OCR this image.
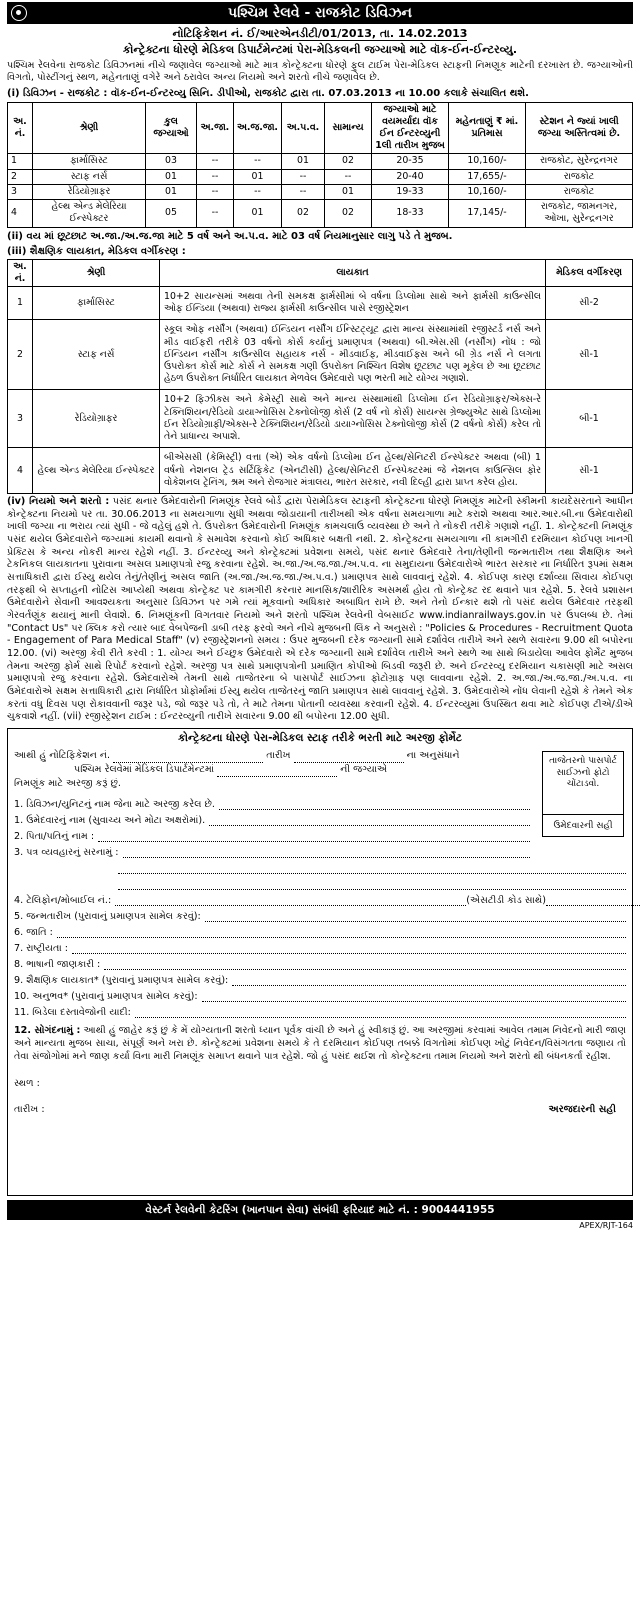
પશ્ચિમ રેલવે - રાજકોટ ડિવિઝન
નોટિફિકેશન નં. ઈ/આરએનડીટી/01/2013, તા. 14.02.2013
કોન્ટ્રેક્ટના ધોરણે મેડિકલ ડિપાર્ટમેન્ટમાં પેરા-મેડિકલની જગ્યાઓ માટે વૉક-ઈન-ઈન્ટરવ્યુ.
પશ્ચિમ રેલવેના રાજકોટ ડિવિઝનમાં નીચે જણાવેલ જગ્યાઓ માટે માત્ર કોન્ટ્રેક્ટના ધોરણે ફુલ ટાઈમ પેરા-મેડિકલ સ્ટાફની નિમણૂક માટેની દરખાસ્ત છે. જગ્યાઓની વિગતો, પોસ્ટીંગનું સ્થળ, મહેનતાણું વગેરે અને ઠરાવેલ અન્ય નિયમો અને શરતો નીચે જણાવેલ છે.
(i) ડિવિઝન - રાજકોટ : વૉક-ઈન-ઈન્ટરવ્યુ સિનિ. ડીપીઓ, રાજકોટ દ્વારા તા. 07.03.2013 ના 10.00 કલાકે સંચાલિત થશે.
અ. નં.	શ્રેણી	કુલ જગ્યાઓ	અ.જા.	અ.જ.જા.	અ.પ.વ.	સામાન્ય	જગ્યાઓ માટે વયમર્યાદા વૉક ઈન ઈન્ટરવ્યુની 1લી તારીખ મુજબ	મહેનતાણું ₹ માં. પ્રતિમાસ	સ્ટેશન ને જ્યાં ખાલી જગ્યા અસ્તિત્વમાં છે.
1	ફાર્માસિસ્ટ	03	--	--	01	02	20-35	10,160/-	રાજકોટ, સુરેન્દ્રનગર
2	સ્ટાફ નર્સ	01	--	01	--	--	20-40	17,655/-	રાજકોટ
3	રેડિયોગ્રાફર	01	--	--	--	01	19-33	10,160/-	રાજકોટ
4	હેલ્થ એન્ડ મેલેરિયા ઈન્સ્પેક્ટર	05	--	01	02	02	18-33	17,145/-	રાજકોટ, જામનગર, ઓખા, સુરેન્દ્રનગર
(ii) વય માં છૂટછાટ અ.જા./અ.જ.જા માટે 5 વર્ષ અને અ.પ.વ. માટે 03 વર્ષ નિયમાનુસાર લાગુ પડે તે મુજબ.
(iii) શૈક્ષણિક લાયકાત, મેડિકલ વર્ગીકરણ :
અ. નં.	શ્રેણી	લાયકાત	મેડિકલ વર્ગીકરણ
1	ફાર્માસિસ્ટ	10+2 સાયન્સમાં અથવા તેની સમકક્ષ ફાર્મસીમાં બે વર્ષના ડિપ્લોમા સાથે અને ફાર્મસી કાઉન્સીલ ઓફ ઈન્ડિયા (અથવા) રાજ્ય ફાર્મસી કાઉન્સીલ પાસે રજીસ્ટ્રેશન	સી-2
2	સ્ટાફ નર્સ	સ્કૂલ ઓફ નર્સીંગ (અથવા) ઈન્ડિયન નર્સીંગ ઈન્સ્ટિટ્યૂટ દ્વારા માન્ય સંસ્થામાંથી રજીસ્ટર્ડ નર્સ અને મીડ વાઈફરી તરીકે 03 વર્ષનો કોર્સ કર્યાનું પ્રમાણપત્ર (અથવા) બી.એસ.સી (નર્સીંગ) નોંધ : જો ઈન્ડિયન નર્સીંગ કાઉન્સીલ સહાયક નર્સ - મીડવાઈફ, મીડવાઈફ્સ અને બી ગ્રેડ નર્સ ને લગતા ઉપરોક્ત કોર્સ માટે કોર્સ ને સમકક્ષ ગણી ઉપરોક્ત નિશ્ચિત વિશેષ છૂટછાટ પણ મૂકેલ છે આ છૂટછાટ હેઠળ ઉપરોક્ત નિર્ધારિત લાયકાત મેળવેલ ઉમેદવારો પણ ભરતી માટે યોગ્ય ગણાશે.	સી-1
3	રેડિયોગ્રાફર	10+2 ફિઝીક્સ અને કેમેસ્ટ્રી સાથે અને માન્ય સંસ્થામાંથી ડિપ્લોમા ઈન રેડિયોગ્રાફર/એક્સ-રે ટેક્નિશિયન/રેડિયો ડાયાગ્નોસિસ ટેક્નોલોજી કોર્સ (2 વર્ષ નો કોર્સ) સાયન્સ ગ્રેજ્યુએટ સાથે ડિપ્લોમા ઈન રેડિયોગ્રાફી/એક્સ-રે ટેક્નિશિયન/રેડિયો ડાયાગ્નોસિસ ટેક્નોલોજી કોર્સ (2 વર્ષનો કોર્સ) કરેલ તો તેને પ્રાધાન્ય અપાશે.	બી-1
4	હેલ્થ એન્ડ મેલેરિયા ઈન્સ્પેક્ટર	બીએસસી (કેમિસ્ટ્રી) વત્તા (એ) એક વર્ષનો ડિપ્લોમા ઈન હેલ્થ/સેનિટરી ઈન્સ્પેક્ટર અથવા (બી) 1 વર્ષનો નેશનલ ટ્રેડ સર્ટિફિકેટ (એનટીસી) હેલ્થ/સેનિટરી ઈન્સ્પેક્ટરમાં જે નેશનલ કાઉન્સિલ ફોર વોકેશનલ ટ્રેનિંગ, શ્રમ અને રોજગાર મંત્રાલય, ભારત સરકાર, નવી દિલ્હી દ્વારા પ્રાપ્ત કરેલ હોય.	સી-1
(iv) નિયમો અને શરતો : પસંદ થનાર ઉમેદવારોની નિમણૂંક રેલવે બોર્ડ દ્વારા પેરામેડિકલ સ્ટાફની કોન્ટ્રેક્ટના ધોરણે નિમણૂંક માટેની સ્કીમની કાયદેસરતાને આધીન કોન્ટ્રેક્ટના નિયમો પર તા. 30.06.2013 ના સમયગાળા સુધી અથવા જોડાયાની તારીખથી એક વર્ષના સમયગાળા માટે કરાશે અથવા આર.આર.બી.ના ઉમેદવારોથી ખાલી જગ્યા ના ભરાય ત્યાં સુધી - જે વહેલું હશે તે. ઉપરોક્ત ઉમેદવારોની નિમણૂંક કામચલાઉ વ્યવસ્થા છે અને તે નોકરી તરીકે ગણાશે નહીં. 1. કોન્ટ્રેક્ટની નિમણૂંક પસંદ થયેલ ઉમેદવારોને જગ્યામાં કાયમી થવાનો કે સમાવેશ કરવાનો કોઈ અધિકાર બક્ષતી નથી. 2. કોન્ટ્રેક્ટના સમયગાળા ની કામગીરી દરમિયાન કોઈપણ ખાનગી પ્રેક્ટિસ કે અન્ય નોકરી માન્ય રહેશે નહીં. 3. ઈન્ટરવ્યુ અને કોન્ટ્રેક્ટમાં પ્રવેશના સમયે, પસંદ થનાર ઉમેદવારે તેના/તેણીની જન્મતારીખ તથા શૈક્ષણિક અને ટેકનિકલ લાયકાતના પુરાવાના અસલ પ્રમાણપત્રો રજુ કરવાના રહેશે. અ.જા./અ.જ.જા./અ.પ.વ. ના સમુદાયના ઉમેદવારોએ ભારત સરકાર ના નિર્ધારિત રૂપમાં સક્ષમ સત્તાધિકારી દ્વારા ઈસ્યુ થયેલ તેનું/તેણીનું અસલ જાતિ (અ.જા./અ.જ.જા./અ.પ.વ.) પ્રમાણપત્ર સાથે લાવવાનું રહેશે. 4. કોઈપણ કારણ દર્શાવ્યા સિવાય કોઈપણ તરફથી બે સપ્તાહની નોટિસ આપ્યેથી અથવા કોન્ટ્રેક્ટ પર કામગીરી કરનાર માનસિક/શારીરિક અસમર્થ હોય તો કોન્ટ્રેક્ટ રદ થવાને પાત્ર રહેશે. 5. રેલવે પ્રશાસન ઉમેદવારોને સેવાની આવશ્યકતા અનુસાર ડિવિઝન પર ગમે ત્યાં મૂકવાનો અધિકાર અબાધિત રાખે છે. અને તેનો ઈન્કાર થશે તો પસંદ થયેલ ઉમેદવાર તરફથી ગેરવર્તણૂંક થયાનું માની લેવાશે. 6. નિમણૂંકની વિગતવાર નિયમો અને શરતો પશ્ચિમ રેલવેની વેબસાઈટ www.indianrailways.gov.in પર ઉપલબ્ધ છે. તેમાં "Contact Us" પર ક્લિક કરો ત્યાર બાદ વેબપેજની ડાબી તરફ ફરવો અને નીચે મુજબની લિંક ને અનુસરો : "Policies & Procedures - Recruitment Quota - Engagement of Para Medical Staff" (v) રજીસ્ટ્રેશનનો સમય : ઉપર મુજબની દરેક જગ્યાની સામે દર્શાવેલ તારીખે અને સ્થળે સવારના 9.00 થી બપોરના 12.00. (vi) અરજી કેવી રીતે કરવી : 1. યોગ્ય અને ઈચ્છુક ઉમેદવારો એ દરેક જગ્યાની સામે દર્શાવેલ તારીખે અને સ્થળે આ સાથે બિડાયેલા આવેલ ફોર્મેટ મુજબ તેમના અરજી ફોર્મ સાથે રિપોર્ટ કરવાનો રહેશે. અરજી પત્ર સાથે પ્રમાણપત્રોની પ્રમાણિત કોપીઓ બિડવી જરૂરી છે. અને ઈન્ટરવ્યુ દરમિયાન ચકાસણી માટે અસલ પ્રમાણપત્રો રજુ કરવાના રહેશે. ઉમેદવારોએ તેમની સાથે તાજેતરના બે પાસપોર્ટ સાઈઝના ફોટોગ્રાફ પણ લાવવાના રહેશે. 2. અ.જા./અ.જ.જા./અ.પ.વ. ના ઉમેદવારોએ સક્ષમ સત્તાધિકારી દ્વારા નિર્ધારિત પ્રોફોર્મામાં ઈસ્યુ થયેલ તાજેતરનું જાતિ પ્રમાણપત્ર સાથે લાવવાનું રહેશે. 3. ઉમેદવારોએ નોંધ લેવાની રહેશે કે તેમને એક કરતાં વધુ દિવસ પણ રોકાવવાની જરૂર પડે, જો જરૂર પડે તો, તે માટે તેમના પોતાની વ્યવસ્થા કરવાની રહેશે. 4. ઈન્ટરવ્યુમાં ઉપસ્થિત થવા માટે કોઈપણ ટીએ/ડીએ ચુકવાશે નહીં. (vii) રજીસ્ટ્રેશન ટાઈમ : ઈન્ટરવ્યુની તારીખે સવારના 9.00 થી બપોરના 12.00 સુધી.
કોન્ટ્રેક્ટના ધોરણે પેરા-મેડિકલ સ્ટાફ તરીકે ભરતી માટે અરજી ફોર્મેટ
તાજેતરનો પાસપોર્ટ સાઈઝનો ફોટો ચોંટાડવો.
ઉમેદવારની સહી
આથી હું નોટિફિકેશન નં.	તારીખ	ના અનુસંધાને
પશ્ચિમ રેલવેમાં મેડિકલ ડિપાર્ટમેન્ટમાં	ની જગ્યાએ
નિમણૂંક માટે અરજી કરૂં છું.
1. ડિવિઝન/યુનિટનું નામ જેના માટે અરજી કરેલ છે.
1. ઉમેદવારનું નામ (સુવાચ્ય અને મોટા અક્ષરોમાં).
2. પિતા/પતિનું નામ :
3. પત્ર વ્યવહારનું સરનામું :
4. ટેલિફોન/મોબાઈલ નં.:	(એસટીડી કોડ સાથે)
5. જન્મતારીખ (પુરાવાનું પ્રમાણપત્ર સામેલ કરવું):
6. જાતિ :
7. રાષ્ટ્રીયતા :
8. ભાષાની જાણકારી :
9. શૈક્ષણિક લાયકાત* (પુરાવાનું પ્રમાણપત્ર સામેલ કરવું):
10. અનુભવ* (પુરાવાનું પ્રમાણપત્ર સામેલ કરવું):
11. બિડેલા દસ્તાવેજોની યાદી:
12. સોગંદનામું : આથી હું જાહેર કરૂં છું કે મેં યોગ્યતાની શરતો ધ્યાન પૂર્વક વાંચી છે અને હું સ્વીકારૂં છું. આ અરજીમાં કરવામાં આવેલ તમામ નિવેદનો મારી જાણ અને માન્યતા મુજબ સાચા, સંપૂર્ણ અને ખરા છે. કોન્ટ્રેક્ટમાં પ્રવેશના સમયે કે તે દરમિયાન કોઈપણ તબક્કે વિગતોમાં કોઈપણ ખોટું નિવેદન/વિસંગતતા જણાય તો તેવા સંજોગોમાં મને જાણ કર્યા વિના મારી નિમણૂંક સમાપ્ત થવાને પાત્ર રહેશે. જો હું પસંદ થઈશ તો કોન્ટ્રેક્ટના તમામ નિયમો અને શરતો થી બંધનકર્તા રહીશ.
સ્થળ :
તારીખ :	અરજદારની સહી
વેસ્ટર્ન રેલવેની કેટરિંગ (ખાનપાન સેવા) સંબંધી ફરિયાદ માટે નં. : 9004441955
APEX/RJT-164
